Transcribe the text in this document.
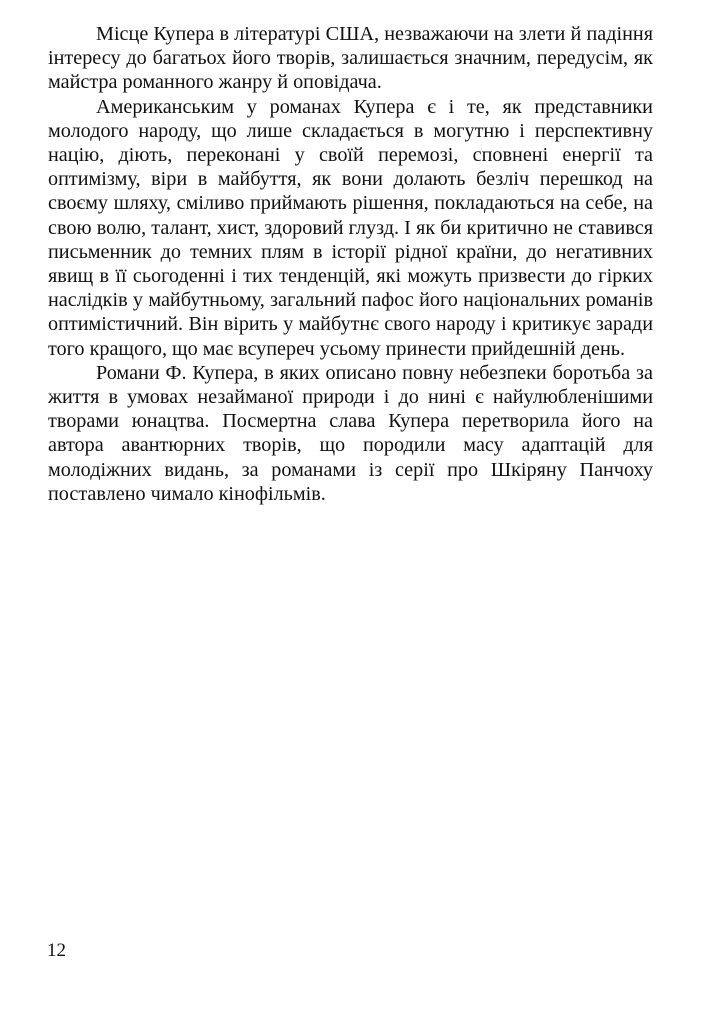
Місце Купера в літературі США, незважаючи на злети й падіння інтересу до багатьох його творів, залишається значним, передусім, як майстра романного жанру й оповідача.

Американським у романах Купера є і те, як представники молодого народу, що лише складається в могутню і перспективну націю, діють, переконані у своїй перемозі, сповнені енергії та оптимізму, віри в майбуття, як вони долають безліч перешкод на своєму шляху, сміливо приймають рішення, покладаються на себе, на свою волю, талант, хист, здоровий глузд. І як би критично не ставився письменник до темних плям в історії рідної країни, до негативних явищ в її сьогоденні і тих тенденцій, які можуть призвести до гірких наслідків у майбутньому, загальний пафос його національних романів оптимістичний. Він вірить у майбутнє свого народу і критикує заради того кращого, що має всупереч усьому принести прийдешній день.

Романи Ф. Купера, в яких описано повну небезпеки боротьба за життя в умовах незайманої природи і до нині є найулюбленішими творами юнацтва. Посмертна слава Купера перетворила його на автора авантюрних творів, що породили масу адаптацій для молодіжних видань, за романами із серії про Шкіряну Панчоху поставлено чимало кінофільмів.

12
